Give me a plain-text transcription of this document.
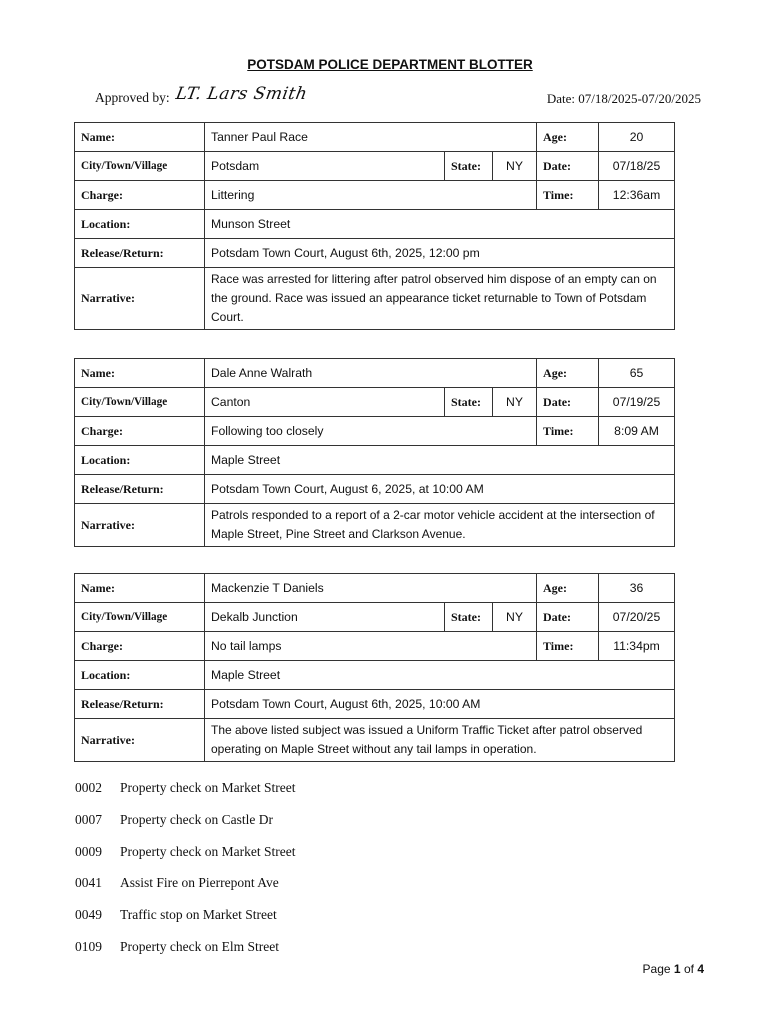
POTSDAM POLICE DEPARTMENT BLOTTER
Approved by: LT. Lars Smith	Date: 07/18/2025-07/20/2025
Name:	Tanner Paul Race			Age:	20
City/Town/Village	Potsdam	State:	NY	Date:	07/18/25
Charge:	Littering			Time:	12:36am
Location:	Munson Street				
Release/Return:	Potsdam Town Court, August 6th, 2025, 12:00 pm				
Narrative:	Race was arrested for littering after patrol observed him dispose of an empty can on the ground. Race was issued an appearance ticket returnable to Town of Potsdam Court.				
Name:	Dale Anne Walrath			Age:	65
City/Town/Village	Canton	State:	NY	Date:	07/19/25
Charge:	Following too closely			Time:	8:09 AM
Location:	Maple Street				
Release/Return:	Potsdam Town Court, August 6, 2025, at 10:00 AM				
Narrative:	Patrols responded to a report of a 2-car motor vehicle accident at the intersection of Maple Street, Pine Street and Clarkson Avenue.				
Name:	Mackenzie T Daniels			Age:	36
City/Town/Village	Dekalb Junction	State:	NY	Date:	07/20/25
Charge:	No tail lamps			Time:	11:34pm
Location:	Maple Street				
Release/Return:	Potsdam Town Court, August 6th, 2025, 10:00 AM				
Narrative:	The above listed subject was issued a Uniform Traffic Ticket after patrol observed operating on Maple Street without any tail lamps in operation.				
0002	Property check on Market Street
0007	Property check on Castle Dr
0009	Property check on Market Street
0041	Assist Fire on Pierrepont Ave
0049	Traffic stop on Market Street
0109	Property check on Elm Street
Page 1 of 4
